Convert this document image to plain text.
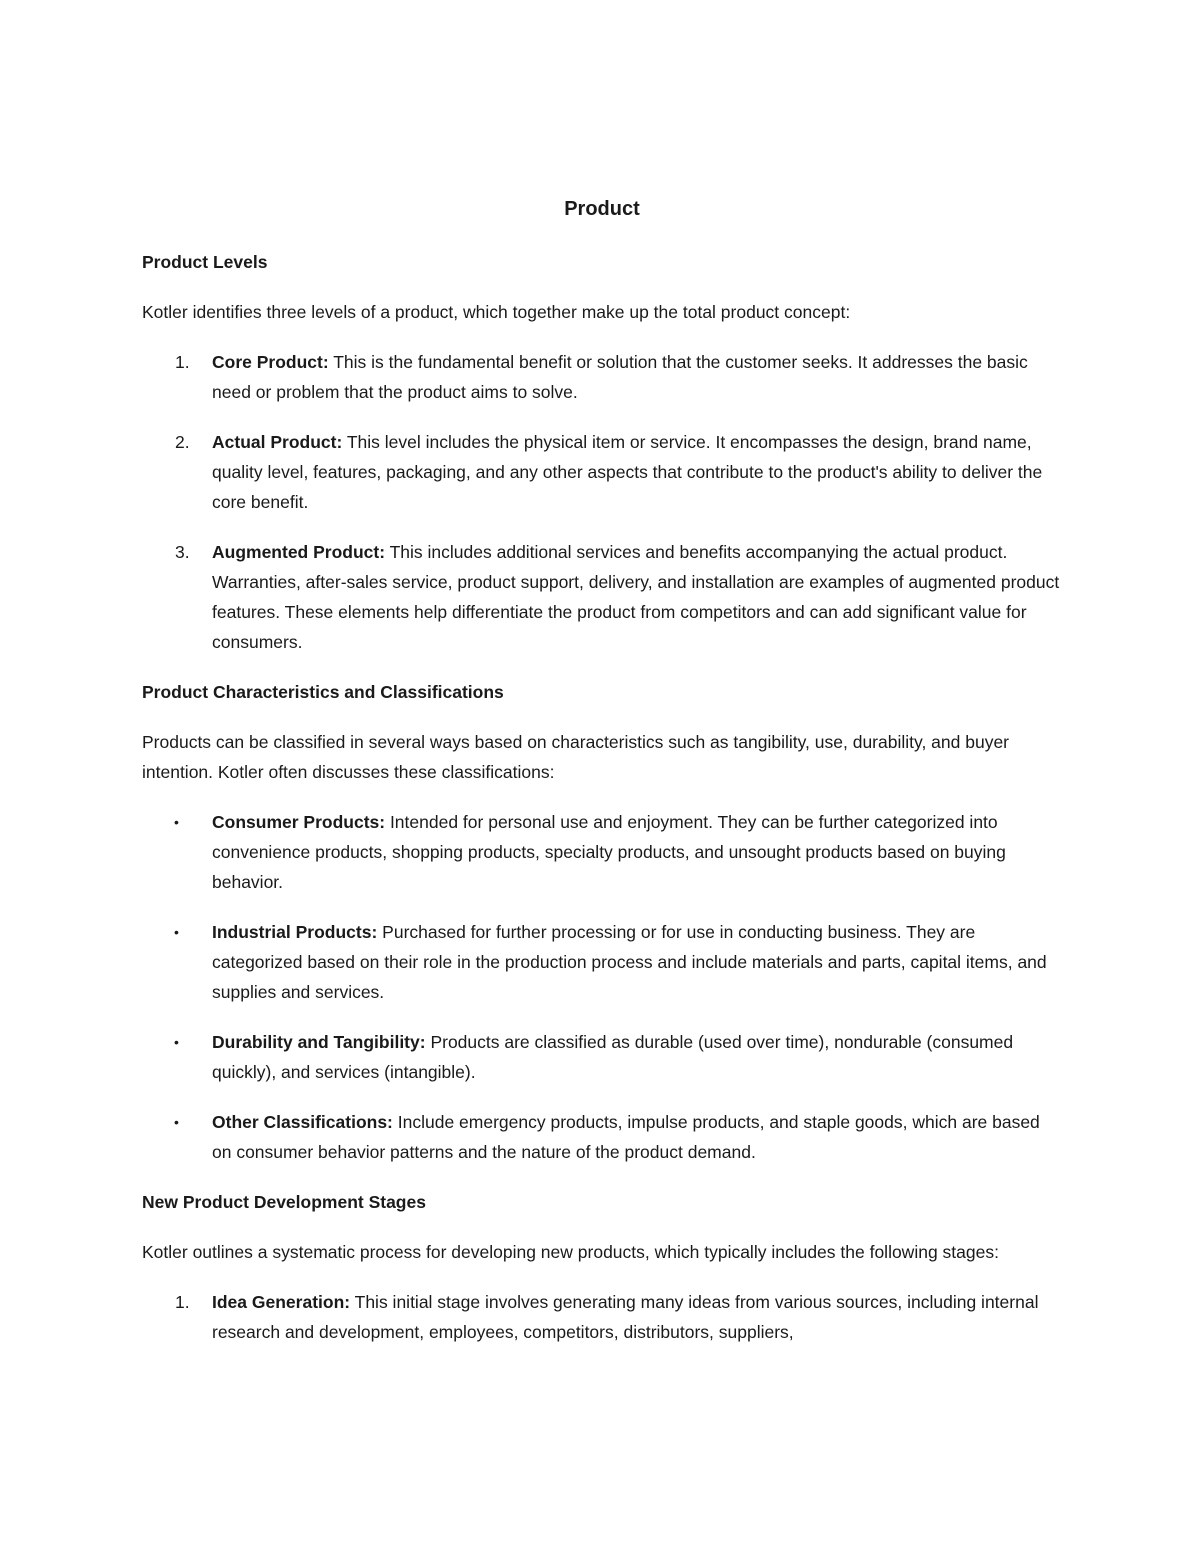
Product
Product Levels
Kotler identifies three levels of a product, which together make up the total product concept:
1.	Core Product: This is the fundamental benefit or solution that the customer seeks. It addresses the basic need or problem that the product aims to solve.
2.	Actual Product: This level includes the physical item or service. It encompasses the design, brand name, quality level, features, packaging, and any other aspects that contribute to the product's ability to deliver the core benefit.
3.	Augmented Product: This includes additional services and benefits accompanying the actual product. Warranties, after-sales service, product support, delivery, and installation are examples of augmented product features. These elements help differentiate the product from competitors and can add significant value for consumers.
Product Characteristics and Classifications
Products can be classified in several ways based on characteristics such as tangibility, use, durability, and buyer intention. Kotler often discusses these classifications:
•	Consumer Products: Intended for personal use and enjoyment. They can be further categorized into convenience products, shopping products, specialty products, and unsought products based on buying behavior.
•	Industrial Products: Purchased for further processing or for use in conducting business. They are categorized based on their role in the production process and include materials and parts, capital items, and supplies and services.
•	Durability and Tangibility: Products are classified as durable (used over time), nondurable (consumed quickly), and services (intangible).
•	Other Classifications: Include emergency products, impulse products, and staple goods, which are based on consumer behavior patterns and the nature of the product demand.
New Product Development Stages
Kotler outlines a systematic process for developing new products, which typically includes the following stages:
1.	Idea Generation: This initial stage involves generating many ideas from various sources, including internal research and development, employees, competitors, distributors, suppliers,
